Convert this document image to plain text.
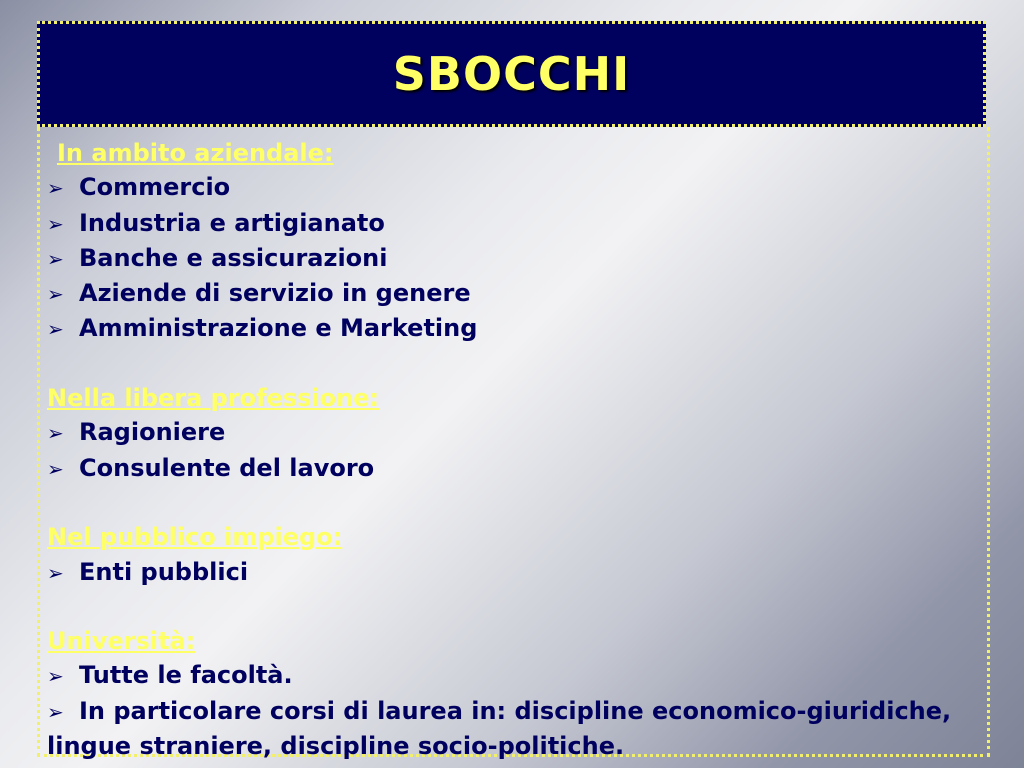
SBOCCHI
In ambito aziendale:
➢ Commercio
➢ Industria e artigianato
➢ Banche e assicurazioni
➢ Aziende di servizio in genere
➢ Amministrazione e Marketing
Nella libera professione:
➢ Ragioniere
➢ Consulente del lavoro
Nel pubblico impiego:
➢ Enti pubblici
Università:
➢ Tutte le facoltà.
➢ In particolare corsi di laurea in: discipline economico-giuridiche, lingue straniere, discipline socio-politiche.
